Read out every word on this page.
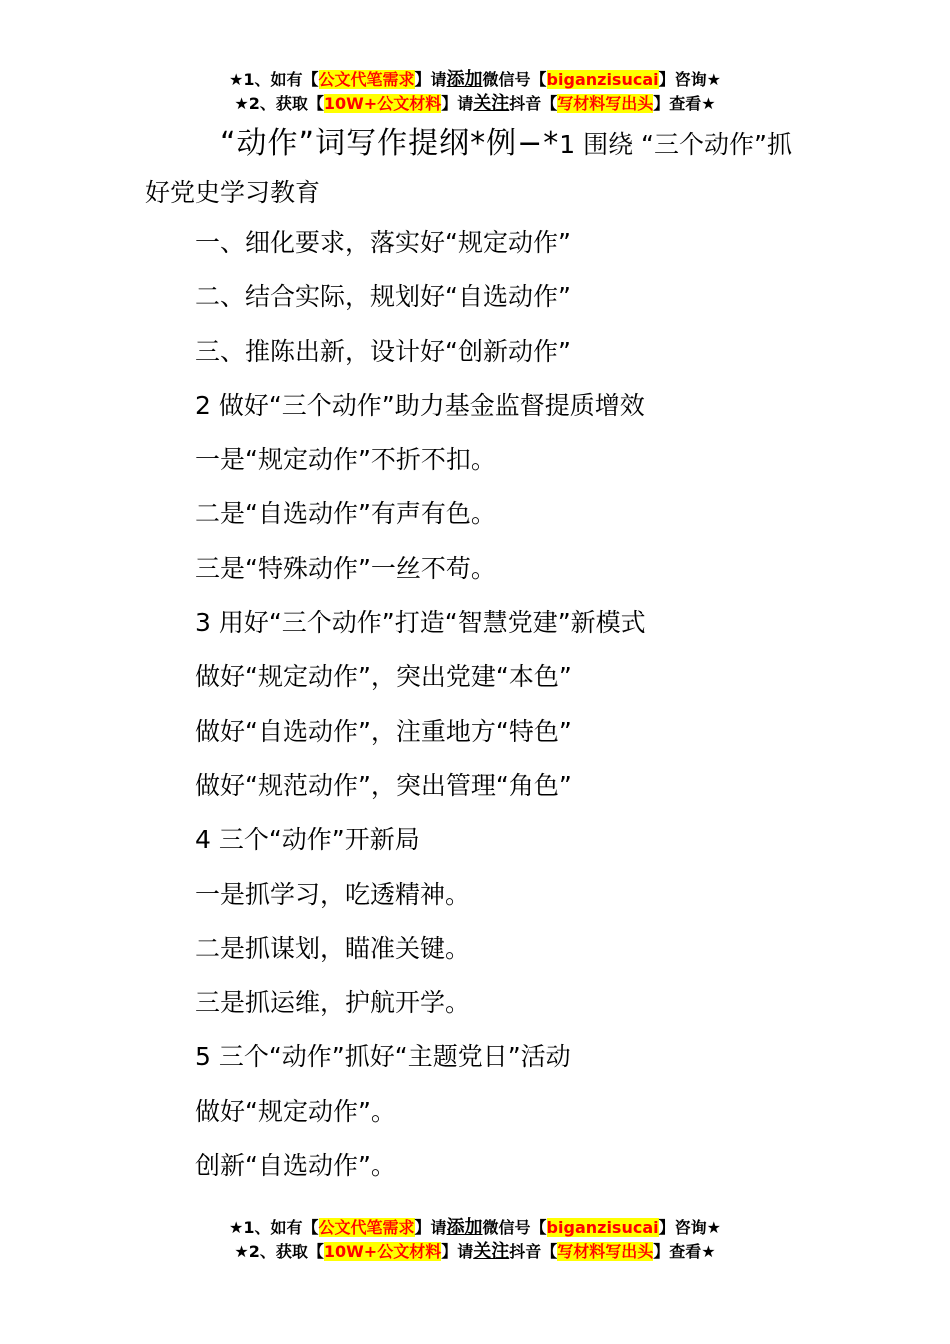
★1、如有【公文代笔需求】请添加微信号【biganzisucai】咨询★
★2、获取【10W+公文材料】请关注抖音【写材料写出头】查看★
“动作”词写作提纲*例−*1 围绕 “三个动作”抓好党史学习教育
一、细化要求，落实好“规定动作”
二、结合实际，规划好“自选动作”
三、推陈出新，设计好“创新动作”
2 做好“三个动作”助力基金监督提质增效
一是“规定动作”不折不扣。
二是“自选动作”有声有色。
三是“特殊动作”一丝不苟。
3 用好“三个动作”打造“智慧党建”新模式
做好“规定动作”，突出党建“本色”
做好“自选动作”，注重地方“特色”
做好“规范动作”，突出管理“角色”
4 三个“动作”开新局
一是抓学习，吃透精神。
二是抓谋划，瞄准关键。
三是抓运维，护航开学。
5 三个“动作”抓好“主题党日”活动
做好“规定动作”。
创新“自选动作”。
★1、如有【公文代笔需求】请添加微信号【biganzisucai】咨询★
★2、获取【10W+公文材料】请关注抖音【写材料写出头】查看★
